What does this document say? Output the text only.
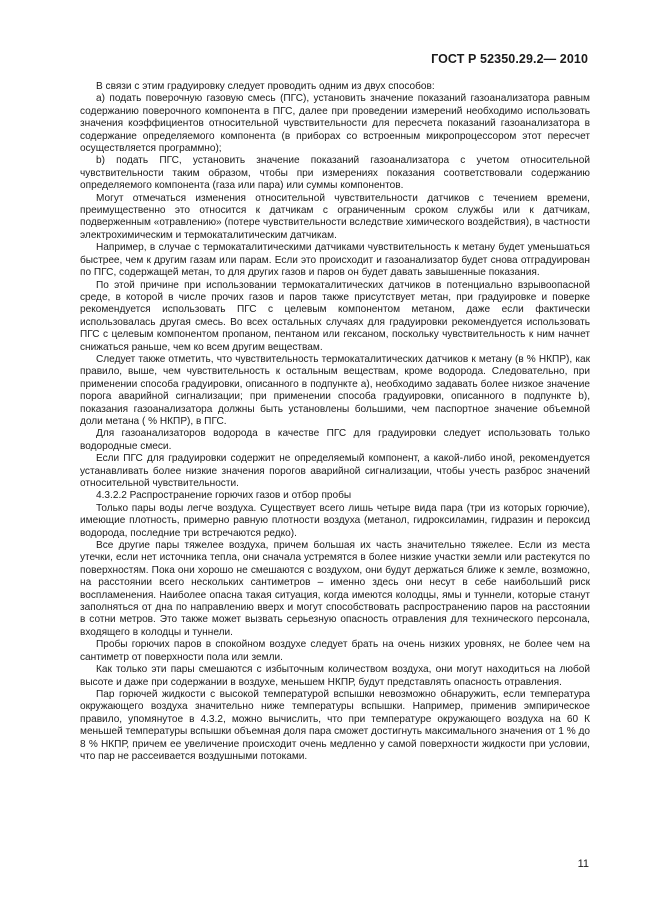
ГОСТ Р 52350.29.2— 2010

В связи с этим градуировку следует проводить одним из двух способов:

а) подать поверочную газовую смесь (ПГС), установить значение показаний газоанализатора равным содержанию поверочного компонента в ПГС, далее при проведении измерений необходимо использовать значения коэффициентов относительной чувствительности для пересчета показаний газоанализатора в содержание определяемого компонента (в приборах со встроенным микропроцессором этот пересчет осуществляется программно);

b) подать ПГС, установить значение показаний газоанализатора с учетом относительной чувствительности таким образом, чтобы при измерениях показания соответствовали содержанию определяемого компонента (газа или пара) или суммы компонентов.

Могут отмечаться изменения относительной чувствительности датчиков с течением времени, преимущественно это относится к датчикам с ограниченным сроком службы или к датчикам, подверженным «отравлению» (потере чувствительности вследствие химического воздействия), в частности электрохимическим и термокаталитическим датчикам.

Например, в случае с термокаталитическими датчиками чувствительность к метану будет уменьшаться быстрее, чем к другим газам или парам. Если это происходит и газоанализатор будет снова отградуирован по ПГС, содержащей метан, то для других газов и паров он будет давать завышенные показания.

По этой причине при использовании термокаталитических датчиков в потенциально взрывоопасной среде, в которой в числе прочих газов и паров также присутствует метан, при градуировке и поверке рекомендуется использовать ПГС с целевым компонентом метаном, даже если фактически использовалась другая смесь. Во всех остальных случаях для градуировки рекомендуется использовать ПГС с целевым компонентом пропаном, пентаном или гексаном, поскольку чувствительность к ним начнет снижаться раньше, чем ко всем другим веществам.

Следует также отметить, что чувствительность термокаталитических датчиков к метану (в % НКПР), как правило, выше, чем чувствительность к остальным веществам, кроме водорода. Следовательно, при применении способа градуировки, описанного в подпункте а), необходимо задавать более низкое значение порога аварийной сигнализации; при применении способа градуировки, описанного в подпункте b), показания газоанализатора должны быть установлены большими, чем паспортное значение объемной доли метана ( % НКПР), в ПГС.

Для газоанализаторов водорода в качестве ПГС для градуировки следует использовать только водородные смеси.

Если ПГС для градуировки содержит не определяемый компонент, а какой-либо иной, рекомендуется устанавливать более низкие значения порогов аварийной сигнализации, чтобы учесть разброс значений относительной чувствительности.

4.3.2.2 Распространение горючих газов и отбор пробы

Только пары воды легче воздуха. Существует всего лишь четыре вида пара (три из которых горючие), имеющие плотность, примерно равную плотности воздуха (метанол, гидроксиламин, гидразин и пероксид водорода, последние три встречаются редко).

Все другие пары тяжелее воздуха, причем большая их часть значительно тяжелее. Если из места утечки, если нет источника тепла, они сначала устремятся в более низкие участки земли или растекутся по поверхностям. Пока они хорошо не смешаются с воздухом, они будут держаться ближе к земле, возможно, на расстоянии всего нескольких сантиметров – именно здесь они несут в себе наибольший риск воспламенения. Наиболее опасна такая ситуация, когда имеются колодцы, ямы и туннели, которые станут заполняться от дна по направлению вверх и могут способствовать распространению паров на расстоянии в сотни метров. Это также может вызвать серьезную опасность отравления для технического персонала, входящего в колодцы и туннели.

Пробы горючих паров в спокойном воздухе следует брать на очень низких уровнях, не более чем на сантиметр от поверхности пола или земли.

Как только эти пары смешаются с избыточным количеством воздуха, они могут находиться на любой высоте и даже при содержании в воздухе, меньшем НКПР, будут представлять опасность отравления.

Пар горючей жидкости с высокой температурой вспышки невозможно обнаружить, если температура окружающего воздуха значительно ниже температуры вспышки. Например, применив эмпирическое правило, упомянутое в 4.3.2, можно вычислить, что при температуре окружающего воздуха на 60 К меньшей температуры вспышки объемная доля пара сможет достигнуть максимального значения от 1 % до 8 % НКПР, причем ее увеличение происходит очень медленно у самой поверхности жидкости при условии, что пар не рассеивается воздушными потоками.

11
